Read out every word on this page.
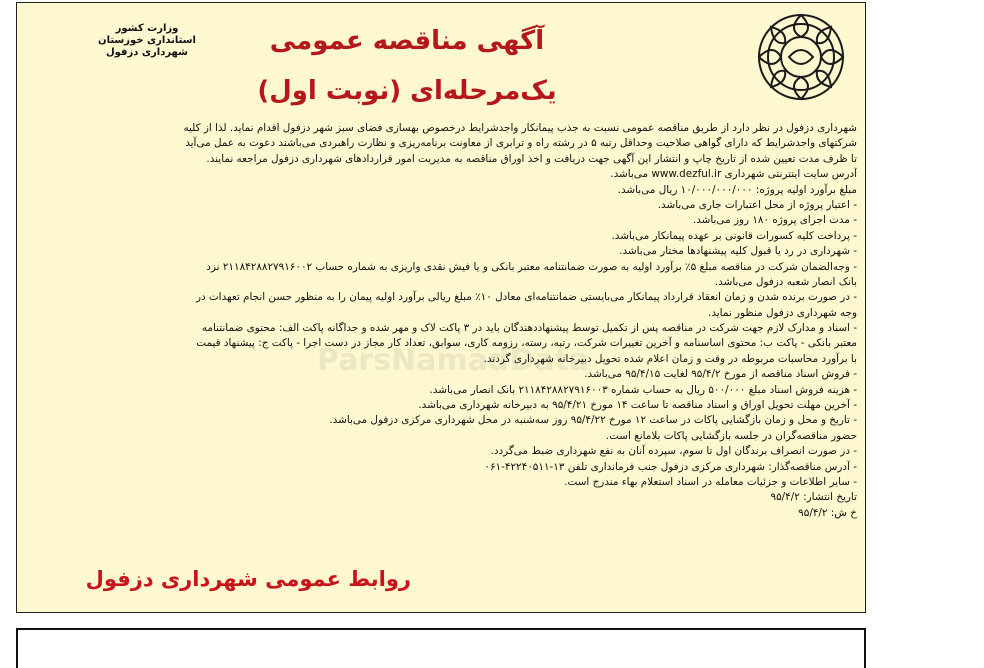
وزارت کشور
استانداری خوزستان
شهرداری دزفول	آگهی مناقصه عمومی
یک‌مرحله‌ای (نوبت اول)
ParsNamadData
شهرداری دزفول در نظر دارد از طریق مناقصه عمومی نسبت به جذب پیمانکار واجدشرایط درخصوص بهسازی فضای سبز شهر دزفول اقدام نماید. لذا از کلیه
شرکتهای واجدشرایط که دارای گواهی صلاحیت وحداقل رتبه ۵ در رشته راه و ترابری از معاونت برنامه‌ریزی و نظارت راهبردی می‌باشند دعوت به عمل می‌آید
تا ظرف مدت تعیین شده از تاریخ چاپ و انتشار این آگهی جهت دریافت و اخذ اوراق مناقصه به مدیریت امور قراردادهای شهرداری دزفول مراجعه نمایند.
آدرس سایت اینترنتی شهرداری www.dezful.ir می‌باشد.
مبلغ برآورد اولیه پروژه: ۱۰/۰۰۰/۰۰۰/۰۰۰ ریال می‌باشد.
- اعتبار پروژه از محل اعتبارات جاری می‌باشد.
- مدت اجرای پروژه ۱۸۰ روز می‌باشد.
- پرداخت کلیه کسورات قانونی بر عهده پیمانکار می‌باشد.
- شهرداری در رد یا قبول کلیه پیشنهادها مختار می‌باشد.
- وجه‌الضمان شرکت در مناقصه مبلغ ۵٪ برآورد اولیه به صورت ضمانتنامه معتبر بانکی و یا فیش نقدی واریزی به شماره حساب ۲۱۱۸۴۲۸۸۲۷۹۱۶۰۰۲ نزد
بانک انصار شعبه دزفول می‌باشد.
- در صورت برنده شدن و زمان انعقاد قرارداد پیمانکار می‌بایستی ضمانتنامه‌ای معادل ۱۰٪ مبلغ ریالی برآورد اولیه پیمان را به منظور حسن انجام تعهدات در
وجه شهرداری دزفول منظور نماید.
- اسناد و مدارک لازم جهت شرکت در مناقصه پس از تکمیل توسط پیشنهاددهندگان باید در ۳ پاکت لاک و مهر شده و جداگانه پاکت الف: محتوی ضمانتنامه
معتبر بانکی - پاکت ب: محتوی اساسنامه و آخرین تغییرات شرکت، رتبه، رسته، رزومه کاری، سوابق، تعداد کار مجاز در دست اجرا - پاکت ج: پیشنهاد قیمت
با برآورد محاسبات مربوطه در وقت و زمان اعلام شده تحویل دبیرخانه شهرداری گردند.
- فروش اسناد مناقصه از مورخ ۹۵/۴/۲ لغایت ۹۵/۴/۱۵ می‌باشد.
- هزینه فروش اسناد مبلغ ۵۰۰/۰۰۰ ریال به حساب شماره ۲۱۱۸۴۲۸۸۲۷۹۱۶۰۰۳ بانک انصار می‌باشد.
- آخرین مهلت تحویل اوراق و اسناد مناقصه تا ساعت ۱۴ مورخ ۹۵/۴/۲۱ به دبیرخانه شهرداری می‌باشد.
- تاریخ و محل و زمان بازگشایی پاکات در ساعت ۱۲ مورخ ۹۵/۴/۲۲ روز سه‌شنبه در محل شهرداری مرکزی دزفول می‌باشد.
حضور مناقصه‌گران در جلسه بازگشایی پاکات بلامانع است.
- در صورت انصراف برندگان اول تا سوم، سپرده آنان به نفع شهرداری ضبط می‌گردد.
- آدرس مناقصه‌گذار: شهرداری مرکزی دزفول جنب فرمانداری تلفن ۱۳-۴۲۲۴۰۵۱۱-۰۶۱
- سایر اطلاعات و جزئیات معامله در اسناد استعلام بهاء مندرج است.
تاریخ انتشار: ۹۵/۴/۲
خ ش: ۹۵/۴/۲
روابط عمومی شهرداری دزفول
